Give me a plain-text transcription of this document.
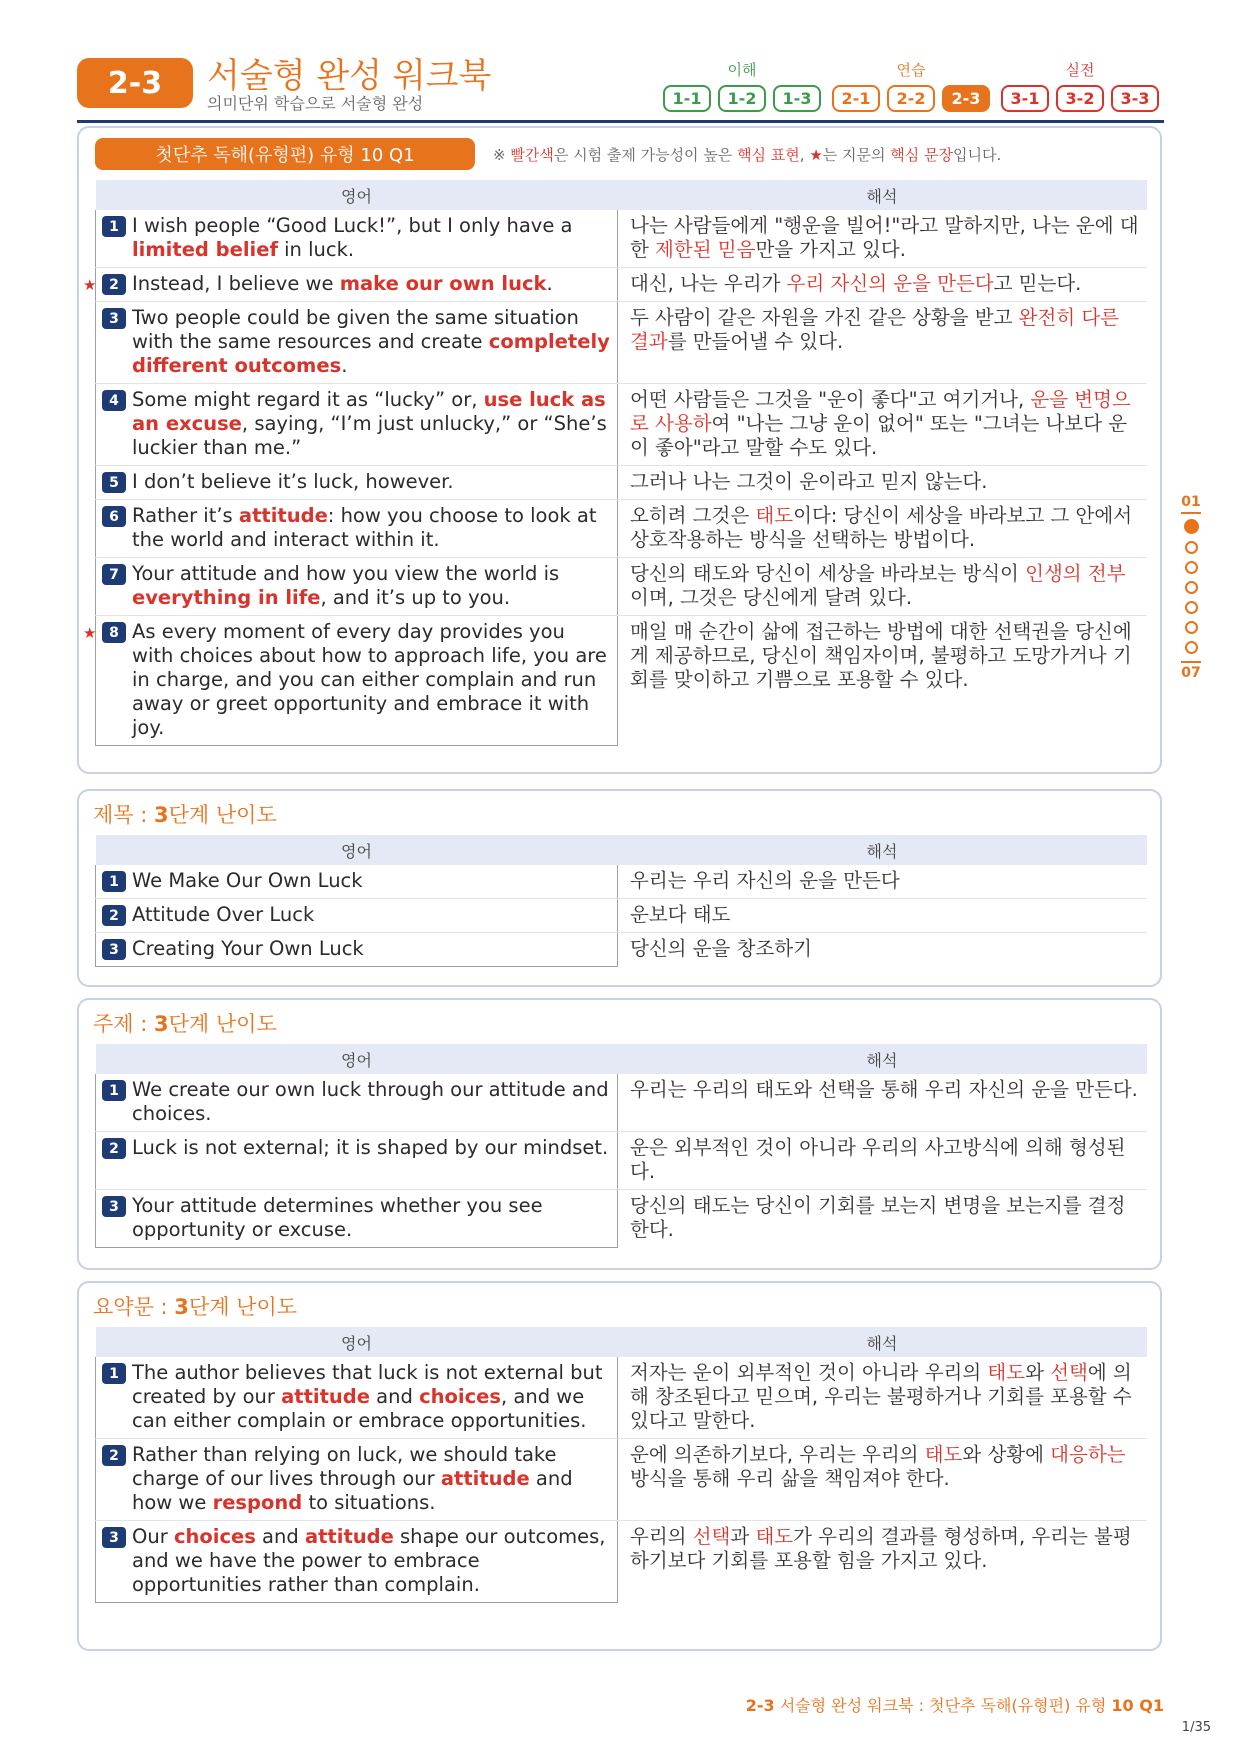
2-3	서술형 완성 워크북
의미단위 학습으로 서술형 완성
이해	연습	실전
1-1	1-2	1-3	2-1	2-2	2-3	3-1	3-2	3-3
첫단추 독해(유형편) 유형 10 Q1	※ 빨간색은 시험 출제 가능성이 높은 핵심 표현, ★는 지문의 핵심 문장입니다.
영어	해석

1 I wish people “Good Luck!”, but I only have a limited belief in luck.	나는 사람들에게 "행운을 빌어!"라고 말하지만, 나는 운에 대한 제한된 믿음만을 가지고 있다.

★ 2 Instead, I believe we make our own luck.	대신, 나는 우리가 우리 자신의 운을 만든다고 믿는다.

3 Two people could be given the same situation with the same resources and create completely different outcomes.	두 사람이 같은 자원을 가진 같은 상황을 받고 완전히 다른 결과를 만들어낼 수 있다.

4 Some might regard it as “lucky” or, use luck as an excuse, saying, “I’m just unlucky,” or “She’s luckier than me.”	어떤 사람들은 그것을 "운이 좋다"고 여기거나, 운을 변명으로 사용하여 "나는 그냥 운이 없어" 또는 "그녀는 나보다 운이 좋아"라고 말할 수도 있다.

5 I don’t believe it’s luck, however.	그러나 나는 그것이 운이라고 믿지 않는다.

6 Rather it’s attitude: how you choose to look at the world and interact within it.	오히려 그것은 태도이다: 당신이 세상을 바라보고 그 안에서 상호작용하는 방식을 선택하는 방법이다.

7 Your attitude and how you view the world is everything in life, and it’s up to you.	당신의 태도와 당신이 세상을 바라보는 방식이 인생의 전부이며, 그것은 당신에게 달려 있다.

★ 8 As every moment of every day provides you with choices about how to approach life, you are in charge, and you can either complain and run away or greet opportunity and embrace it with joy.	매일 매 순간이 삶에 접근하는 방법에 대한 선택권을 당신에게 제공하므로, 당신이 책임자이며, 불평하고 도망가거나 기회를 맞이하고 기쁨으로 포용할 수 있다.
제목 : 3단계 난이도
영어	해석

1 We Make Our Own Luck	우리는 우리 자신의 운을 만든다

2 Attitude Over Luck	운보다 태도

3 Creating Your Own Luck	당신의 운을 창조하기
주제 : 3단계 난이도
영어	해석

1 We create our own luck through our attitude and choices.	우리는 우리의 태도와 선택을 통해 우리 자신의 운을 만든다.

2 Luck is not external; it is shaped by our mindset.	운은 외부적인 것이 아니라 우리의 사고방식에 의해 형성된다.

3 Your attitude determines whether you see opportunity or excuse.	당신의 태도는 당신이 기회를 보는지 변명을 보는지를 결정한다.
요약문 : 3단계 난이도
영어	해석

1 The author believes that luck is not external but created by our attitude and choices, and we can either complain or embrace opportunities.	저자는 운이 외부적인 것이 아니라 우리의 태도와 선택에 의해 창조된다고 믿으며, 우리는 불평하거나 기회를 포용할 수 있다고 말한다.

2 Rather than relying on luck, we should take charge of our lives through our attitude and how we respond to situations.	운에 의존하기보다, 우리는 우리의 태도와 상황에 대응하는 방식을 통해 우리 삶을 책임져야 한다.

3 Our choices and attitude shape our outcomes, and we have the power to embrace opportunities rather than complain.	우리의 선택과 태도가 우리의 결과를 형성하며, 우리는 불평하기보다 기회를 포용할 힘을 가지고 있다.
01
07
2-3 서술형 완성 워크북 : 첫단추 독해(유형편) 유형 10 Q1
1/35
